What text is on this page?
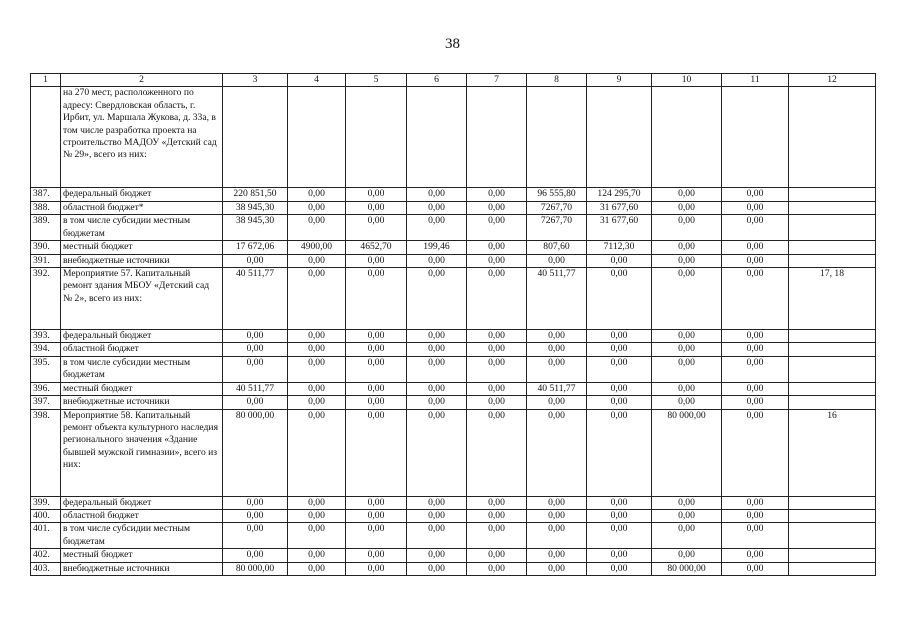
38
1	2	3	4	5	6	7	8	9	10	11	12
	на 270 мест, расположенного по адресу: Свердловская область, г. Ирбит, ул. Маршала Жукова, д. 33а, в том числе разработка проекта на строительство МАДОУ «Детский сад № 29», всего из них:										
387.	федеральный бюджет	220 851,50	0,00	0,00	0,00	0,00	96 555,80	124 295,70	0,00	0,00	
388.	областной бюджет*	38 945,30	0,00	0,00	0,00	0,00	7267,70	31 677,60	0,00	0,00	
389.	в том числе субсидии местным бюджетам	38 945,30	0,00	0,00	0,00	0,00	7267,70	31 677,60	0,00	0,00	
390.	местный бюджет	17 672,06	4900,00	4652,70	199,46	0,00	807,60	7112,30	0,00	0,00	
391.	внебюджетные источники	0,00	0,00	0,00	0,00	0,00	0,00	0,00	0,00	0,00	
392.	Мероприятие 57. Капитальный ремонт здания МБОУ «Детский сад № 2», всего из них:	40 511,77	0,00	0,00	0,00	0,00	40 511,77	0,00	0,00	0,00	17, 18
393.	федеральный бюджет	0,00	0,00	0,00	0,00	0,00	0,00	0,00	0,00	0,00	
394.	областной бюджет	0,00	0,00	0,00	0,00	0,00	0,00	0,00	0,00	0,00	
395.	в том числе субсидии местным бюджетам	0,00	0,00	0,00	0,00	0,00	0,00	0,00	0,00	0,00	
396.	местный бюджет	40 511,77	0,00	0,00	0,00	0,00	40 511,77	0,00	0,00	0,00	
397.	внебюджетные источники	0,00	0,00	0,00	0,00	0,00	0,00	0,00	0,00	0,00	
398.	Мероприятие 58. Капитальный ремонт объекта культурного наследия регионального значения «Здание бывшей мужской гимназии», всего из них:	80 000,00	0,00	0,00	0,00	0,00	0,00	0,00	80 000,00	0,00	16
399.	федеральный бюджет	0,00	0,00	0,00	0,00	0,00	0,00	0,00	0,00	0,00	
400.	областной бюджет	0,00	0,00	0,00	0,00	0,00	0,00	0,00	0,00	0,00	
401.	в том числе субсидии местным бюджетам	0,00	0,00	0,00	0,00	0,00	0,00	0,00	0,00	0,00	
402.	местный бюджет	0,00	0,00	0,00	0,00	0,00	0,00	0,00	0,00	0,00	
403.	внебюджетные источники	80 000,00	0,00	0,00	0,00	0,00	0,00	0,00	80 000,00	0,00	
